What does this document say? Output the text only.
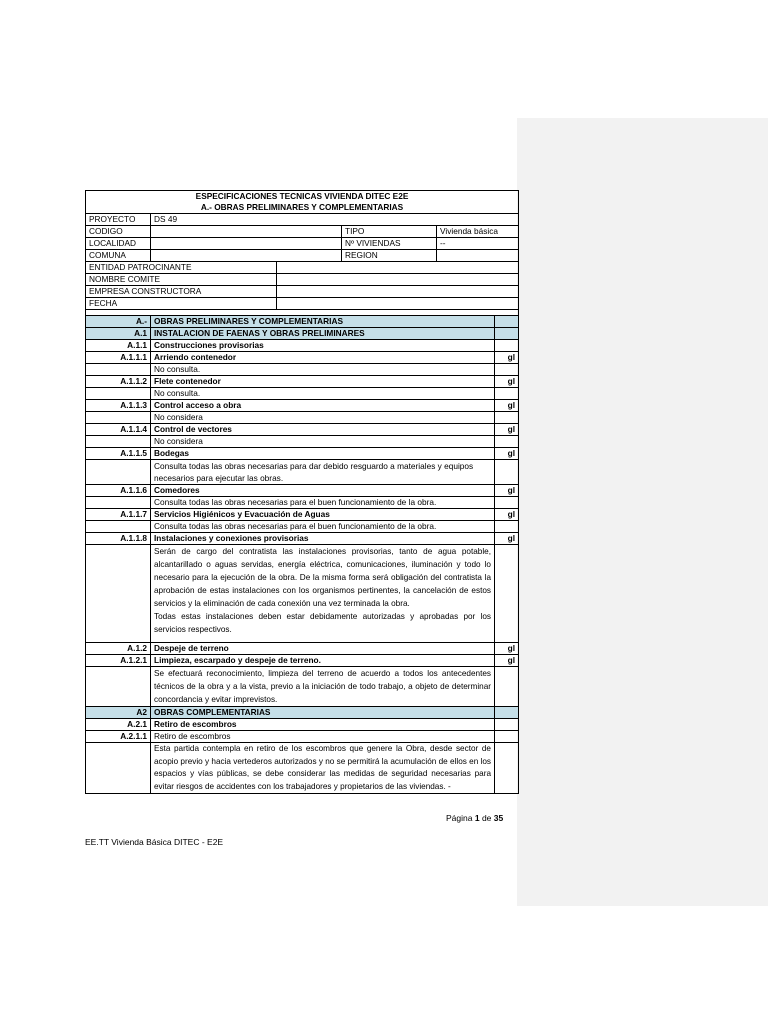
ESPECIFICACIONES TECNICAS VIVIENDA DITEC E2E					
A.- OBRAS PRELIMINARES Y COMPLEMENTARIAS					
PROYECTO	DS 49				
CODIGO			TIPO	Vivienda básica	
LOCALIDAD			Nº VIVIENDAS	--	
COMUNA			REGION		
ENTIDAD PATROCINANTE					
NOMBRE COMITE					
EMPRESA CONSTRUCTORA					
FECHA					

A.-	OBRAS PRELIMINARES Y COMPLEMENTARIAS				
A.1	INSTALACION DE FAENAS Y OBRAS PRELIMINARES				
A.1.1	Construcciones provisorias				
A.1.1.1	Arriendo contenedor				gl
	No consulta.				
A.1.1.2	Flete contenedor				gl
	No consulta.				
A.1.1.3	Control acceso a obra				gl
	No considera				
A.1.1.4	Control de vectores				gl
	No considera				
A.1.1.5	Bodegas				gl
	Consulta todas las obras necesarias para dar debido resguardo a materiales y equipos necesarios para ejecutar las obras.				
A.1.1.6	Comedores				gl
	Consulta todas las obras necesarias para el buen funcionamiento de la obra.				
A.1.1.7	Servicios Higiénicos y Evacuación de Aguas				gl
	Consulta todas las obras necesarias para el buen funcionamiento de la obra.				
A.1.1.8	Instalaciones y conexiones provisorias				gl

	Serán de cargo del contratista las instalaciones provisorias, tanto de agua potable, alcantarillado o aguas servidas, energía eléctrica, comunicaciones, iluminación y todo lo necesario para la ejecución de la obra. De la misma forma será obligación del contratista la aprobación de estas instalaciones con los organismos pertinentes, la cancelación de estos servicios y la eliminación de cada conexión una vez terminada la obra.
Todas estas instalaciones deben estar debidamente autorizadas y aprobadas por los servicios respectivos.				

A.1.2	Despeje de terreno				gl
A.1.2.1	Limpieza, escarpado y despeje de terreno.				gl
	Se efectuará reconocimiento, limpieza del terreno de acuerdo a todos los antecedentes técnicos de la obra y a la vista, previo a la iniciación de todo trabajo, a objeto de determinar concordancia y evitar imprevistos.				
A2	OBRAS COMPLEMENTARIAS				
A.2.1	Retiro de escombros				
A.2.1.1	Retiro de escombros				
	Esta partida contempla en retiro de los escombros que genere la Obra, desde sector de acopio previo y hacia vertederos autorizados y no se permitirá la acumulación de ellos en los espacios y vías públicas, se debe considerar las medidas de seguridad necesarias para evitar riesgos de accidentes con los trabajadores y propietarios de las viviendas. -				
Página 1 de 35
EE.TT Vivienda Básica DITEC - E2E
